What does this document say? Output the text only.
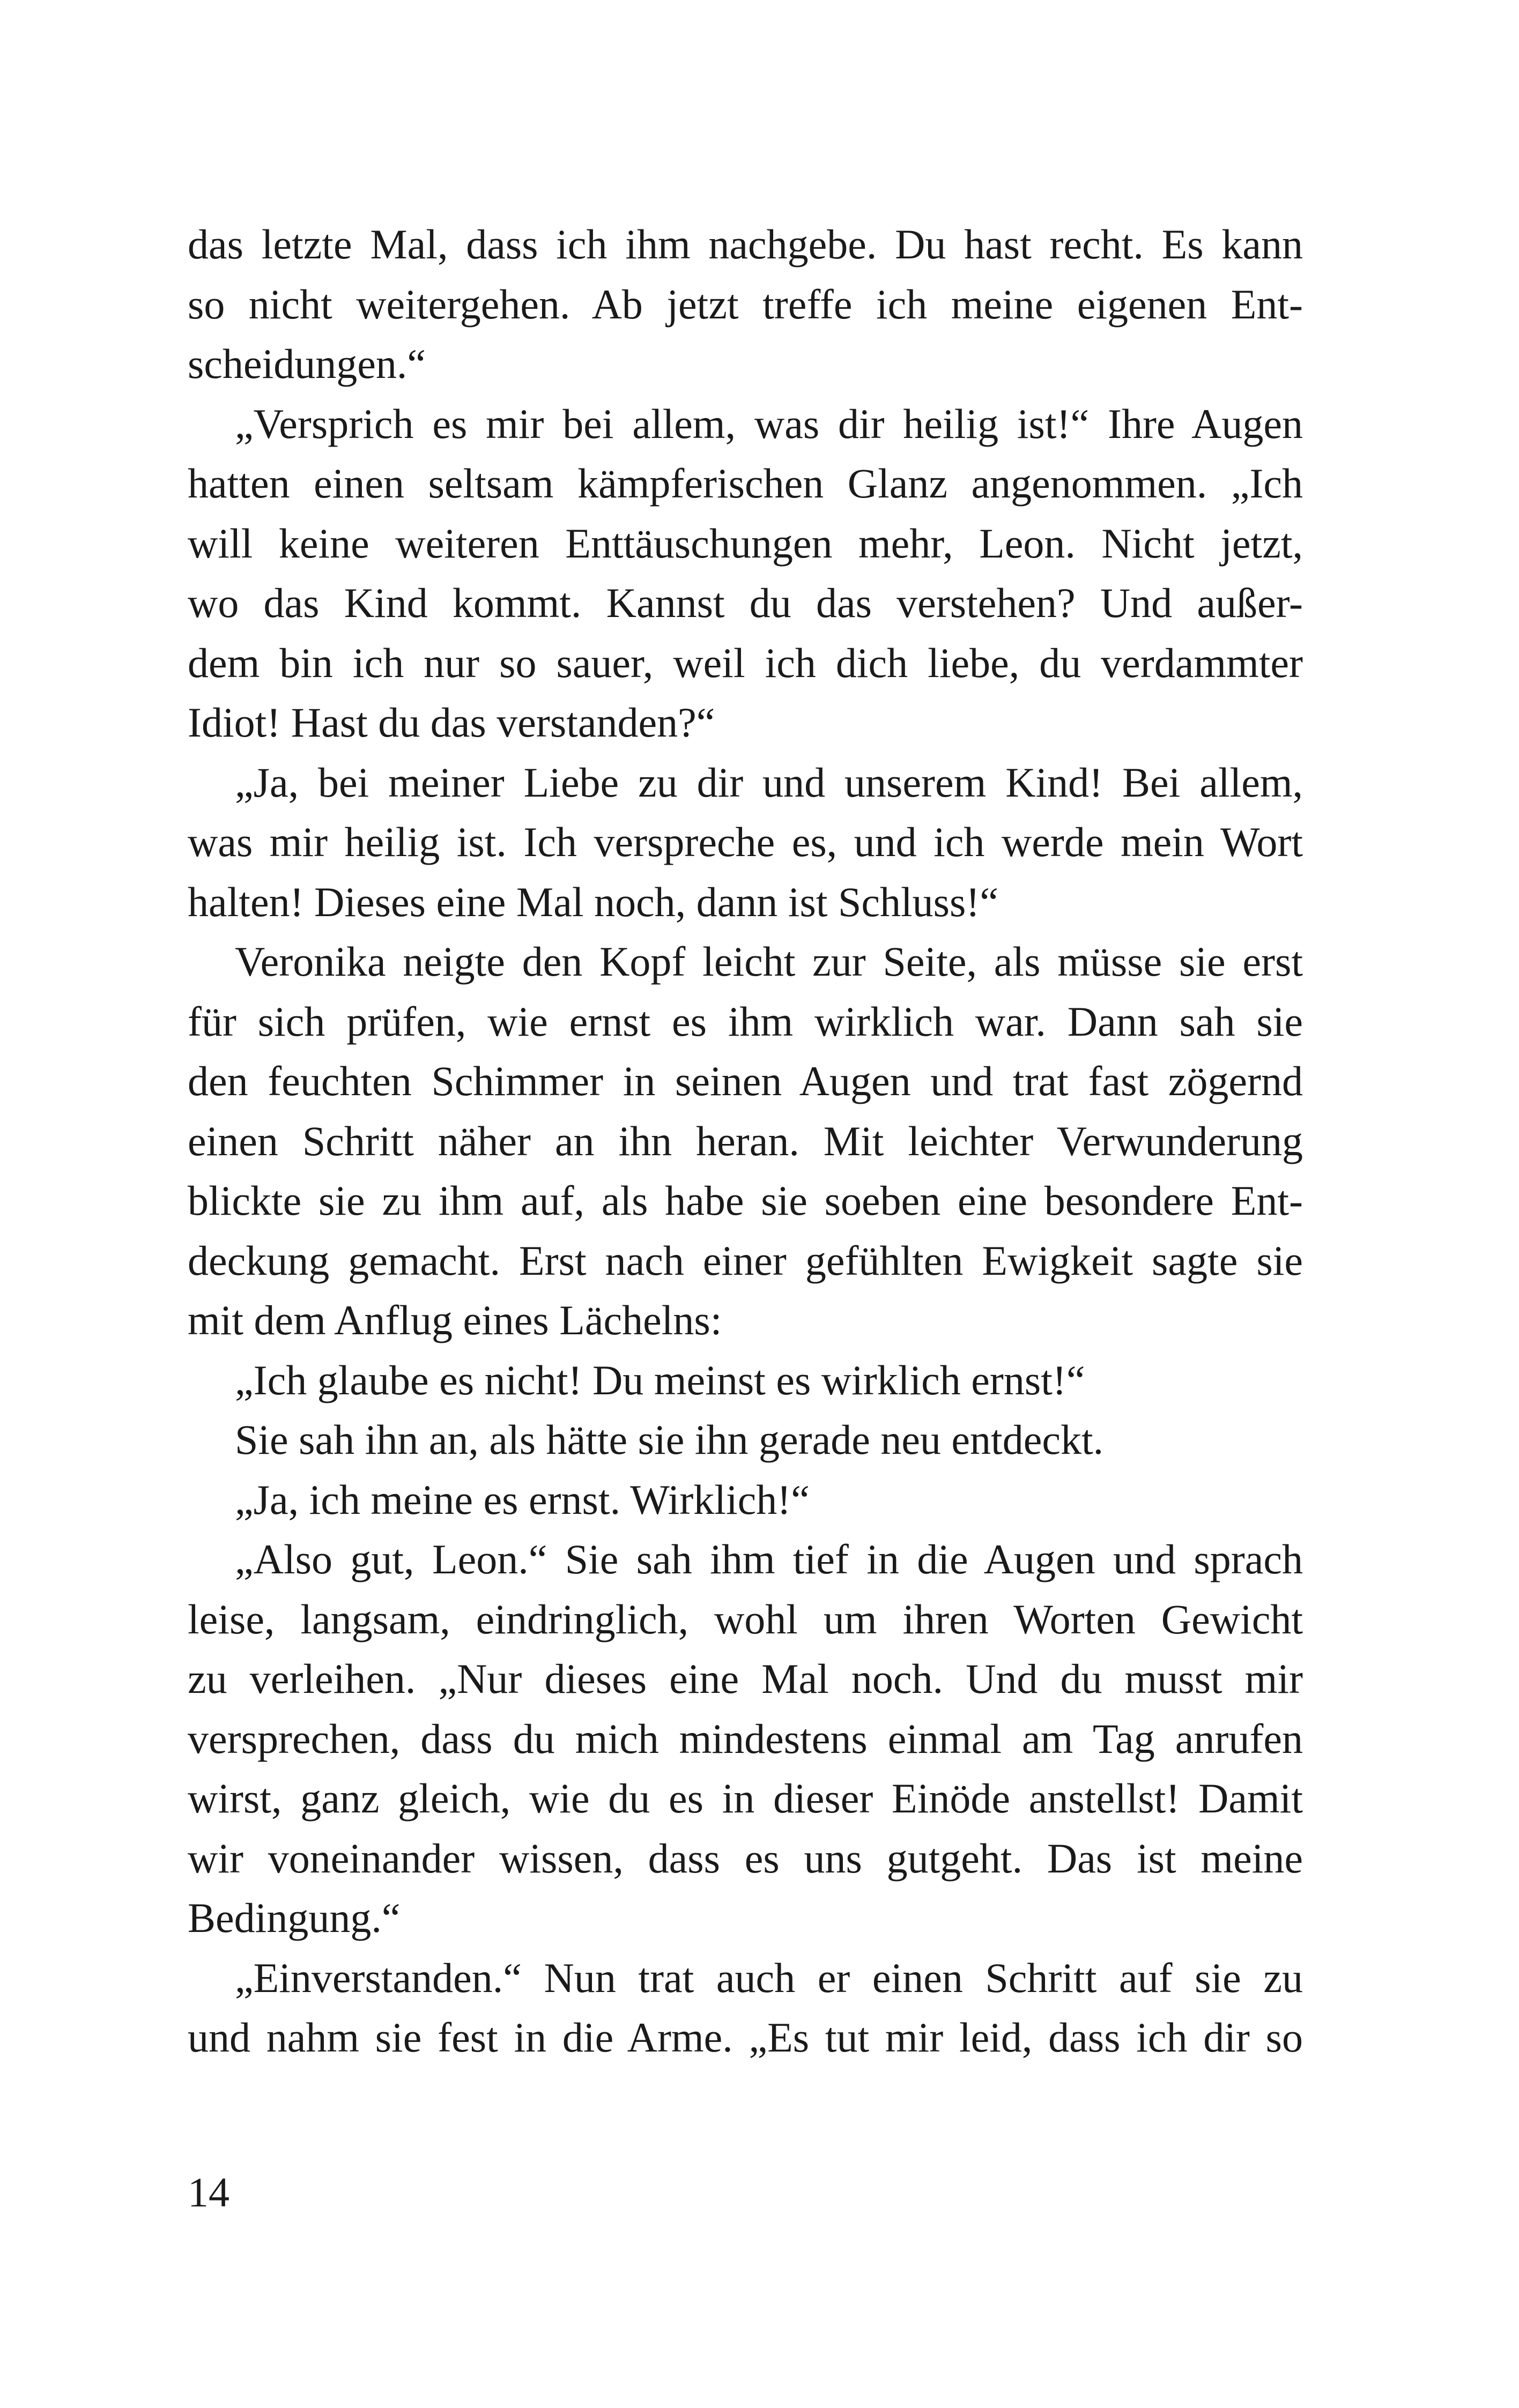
das letzte Mal, dass ich ihm nachgebe. Du hast recht. Es kann
so nicht weitergehen. Ab jetzt treffe ich meine eigenen Ent-
scheidungen.“
„Versprich es mir bei allem, was dir heilig ist!“ Ihre Augen
hatten einen seltsam kämpferischen Glanz angenommen. „Ich
will keine weiteren Enttäuschungen mehr, Leon. Nicht jetzt,
wo das Kind kommt. Kannst du das verstehen? Und außer-
dem bin ich nur so sauer, weil ich dich liebe, du verdammter
Idiot! Hast du das verstanden?“
„Ja, bei meiner Liebe zu dir und unserem Kind! Bei allem,
was mir heilig ist. Ich verspreche es, und ich werde mein Wort
halten! Dieses eine Mal noch, dann ist Schluss!“
Veronika neigte den Kopf leicht zur Seite, als müsse sie erst
für sich prüfen, wie ernst es ihm wirklich war. Dann sah sie
den feuchten Schimmer in seinen Augen und trat fast zögernd
einen Schritt näher an ihn heran. Mit leichter Verwunderung
blickte sie zu ihm auf, als habe sie soeben eine besondere Ent-
deckung gemacht. Erst nach einer gefühlten Ewigkeit sagte sie
mit dem Anflug eines Lächelns:
„Ich glaube es nicht! Du meinst es wirklich ernst!“
Sie sah ihn an, als hätte sie ihn gerade neu entdeckt.
„Ja, ich meine es ernst. Wirklich!“
„Also gut, Leon.“ Sie sah ihm tief in die Augen und sprach
leise, langsam, eindringlich, wohl um ihren Worten Gewicht
zu verleihen. „Nur dieses eine Mal noch. Und du musst mir
versprechen, dass du mich mindestens einmal am Tag anrufen
wirst, ganz gleich, wie du es in dieser Einöde anstellst! Damit
wir voneinander wissen, dass es uns gutgeht. Das ist meine
Bedingung.“
„Einverstanden.“ Nun trat auch er einen Schritt auf sie zu
und nahm sie fest in die Arme. „Es tut mir leid, dass ich dir so
14
